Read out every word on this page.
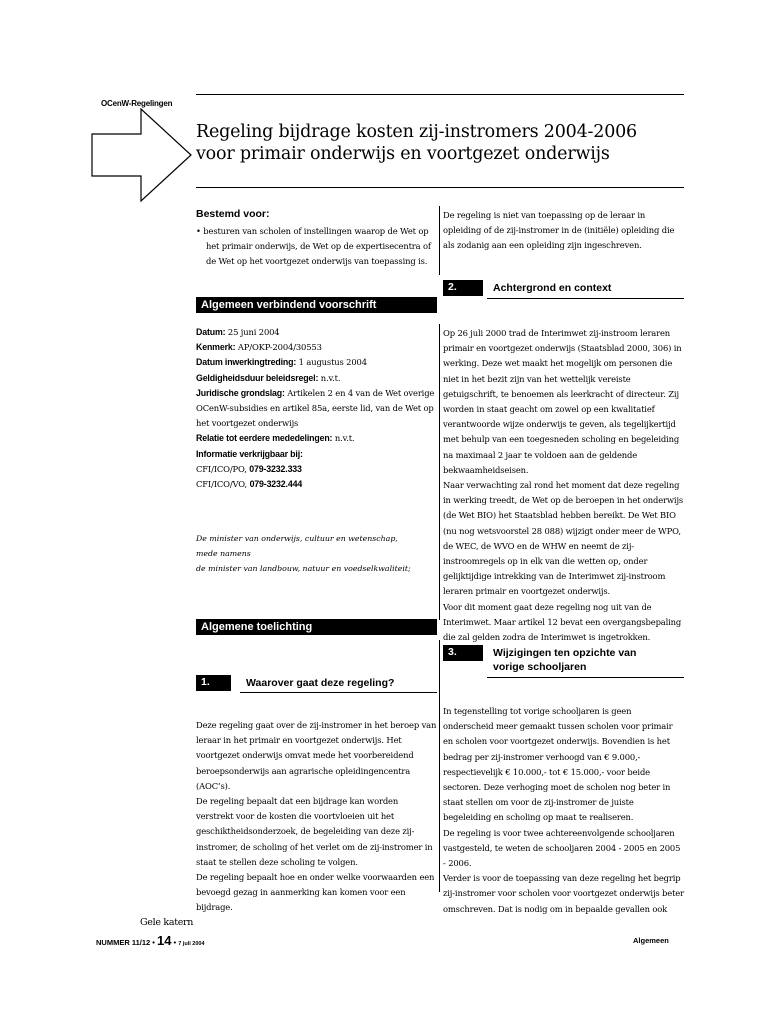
OCenW-Regelingen
Regeling bijdrage kosten zij-instromers 2004-2006
voor primair onderwijs en voortgezet onderwijs
Bestemd voor:
• besturen van scholen of instellingen waarop de Wet op het primair onderwijs, de Wet op de expertisecentra of de Wet op het voortgezet onderwijs van toepassing is.
Algemeen verbindend voorschrift

Datum: 25 juni 2004

Kenmerk: AP/OKP-2004/30553

Datum inwerkingtreding: 1 augustus 2004

Geldigheidsduur beleidsregel: n.v.t.

Juridische grondslag: Artikelen 2 en 4 van de Wet overige OCenW-subsidies en artikel 85a, eerste lid, van de Wet op het voortgezet onderwijs

Relatie tot eerdere mededelingen: n.v.t.

Informatie verkrijgbaar bij:

CFI/ICO/PO, 079-3232.333

CFI/ICO/VO, 079-3232.444

De minister van onderwijs, cultuur en wetenschap,
mede namens
de minister van landbouw, natuur en voedselkwaliteit;
Algemene toelichting
1.	Waarover gaat deze regeling?

Deze regeling gaat over de zij-instromer in het beroep van leraar in het primair en voortgezet onderwijs. Het voortgezet onderwijs omvat mede het voorbereidend beroepsonderwijs aan agrarische opleidingencentra (AOC’s).

De regeling bepaalt dat een bijdrage kan worden verstrekt voor de kosten die voortvloeien uit het geschiktheidsonderzoek, de begeleiding van deze zij-instromer, de scholing of het verlet om de zij-instromer in staat te stellen deze scholing te volgen.

De regeling bepaalt hoe en onder welke voorwaarden een bevoegd gezag in aanmerking kan komen voor een bijdrage.

De regeling is niet van toepassing op de leraar in opleiding of de zij-instromer in de (initiële) opleiding die als zodanig aan een opleiding zijn ingeschreven.
2.	Achtergrond en context

Op 26 juli 2000 trad de Interimwet zij-instroom leraren primair en voortgezet onderwijs (Staatsblad 2000, 306) in werking. Deze wet maakt het mogelijk om personen die niet in het bezit zijn van het wettelijk vereiste getuigschrift, te benoemen als leerkracht of directeur. Zij worden in staat geacht om zowel op een kwalitatief verantwoorde wijze onderwijs te geven, als tegelijkertijd met behulp van een toegesneden scholing en begeleiding na maximaal 2 jaar te voldoen aan de geldende bekwaamheidseisen.

Naar verwachting zal rond het moment dat deze regeling in werking treedt, de Wet op de beroepen in het onderwijs (de Wet BIO) het Staatsblad hebben bereikt. De Wet BIO (nu nog wetsvoorstel 28 088) wijzigt onder meer de WPO, de WEC, de WVO en de WHW en neemt de zij-instroomregels op in elk van die wetten op, onder gelijktijdige intrekking van de Interimwet zij-instroom leraren primair en voortgezet onderwijs.

Voor dit moment gaat deze regeling nog uit van de Interimwet. Maar artikel 12 bevat een overgangsbepaling die zal gelden zodra de Interimwet is ingetrokken.

3.	Wijzigingen ten opzichte van
vorige schooljaren

In tegenstelling tot vorige schooljaren is geen onderscheid meer gemaakt tussen scholen voor primair en scholen voor voortgezet onderwijs. Bovendien is het bedrag per zij-instromer verhoogd van € 9.000,- respectievelijk € 10.000,- tot € 15.000,- voor beide sectoren. Deze verhoging moet de scholen nog beter in staat stellen om voor de zij-instromer de juiste begeleiding en scholing op maat te realiseren.

De regeling is voor twee achtereenvolgende schooljaren vastgesteld, te weten de schooljaren 2004 - 2005 en 2005 - 2006.

Verder is voor de toepassing van deze regeling het begrip zij-instromer voor scholen voor voortgezet onderwijs beter omschreven. Dat is nodig om in bepaalde gevallen ook

Gele katern
NUMMER 11/12 • 14 • 7 juli 2004	Algemeen
